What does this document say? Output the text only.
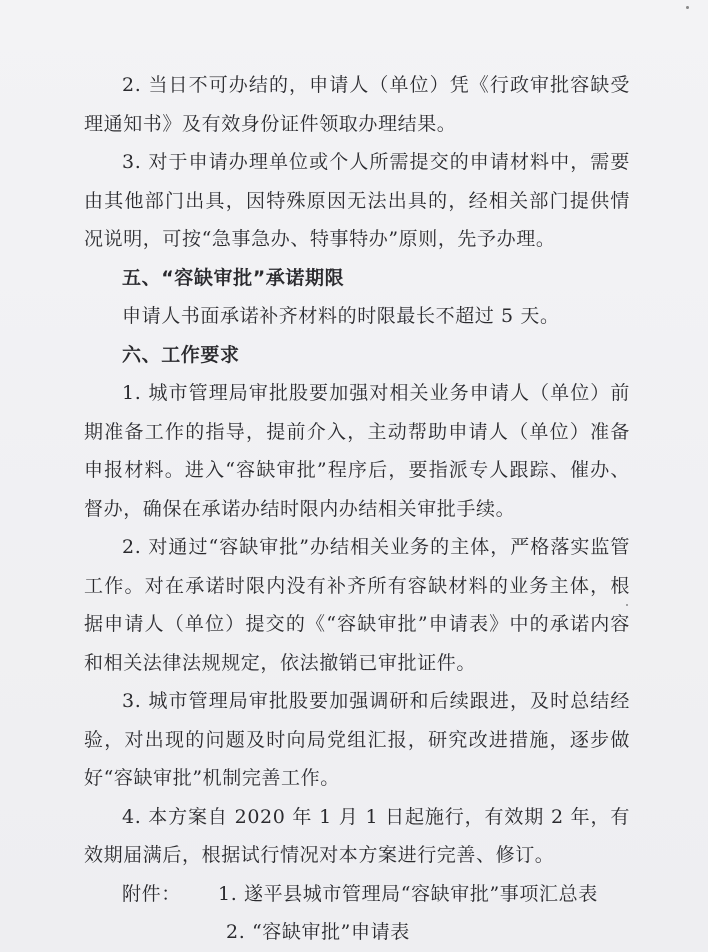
2. 当日不可办结的，申请人（单位）凭《行政审批容缺受理通知书》及有效身份证件领取办理结果。

3. 对于申请办理单位或个人所需提交的申请材料中，需要由其他部门出具，因特殊原因无法出具的，经相关部门提供情况说明，可按“急事急办、特事特办”原则，先予办理。

五、“容缺审批”承诺期限

申请人书面承诺补齐材料的时限最长不超过 5 天。

六、工作要求

1. 城市管理局审批股要加强对相关业务申请人（单位）前期准备工作的指导，提前介入，主动帮助申请人（单位）准备申报材料。进入“容缺审批”程序后，要指派专人跟踪、催办、督办，确保在承诺办结时限内办结相关审批手续。

2. 对通过“容缺审批”办结相关业务的主体，严格落实监管工作。对在承诺时限内没有补齐所有容缺材料的业务主体，根据申请人（单位）提交的《“容缺审批”申请表》中的承诺内容和相关法律法规规定，依法撤销已审批证件。

3. 城市管理局审批股要加强调研和后续跟进，及时总结经验，对出现的问题及时向局党组汇报，研究改进措施，逐步做好“容缺审批”机制完善工作。

4. 本方案自 2020 年 1 月 1 日起施行，有效期 2 年，有效期届满后，根据试行情况对本方案进行完善、修订。

附件：	1. 遂平县城市管理局“容缺审批”事项汇总表
2. “容缺审批”申请表
